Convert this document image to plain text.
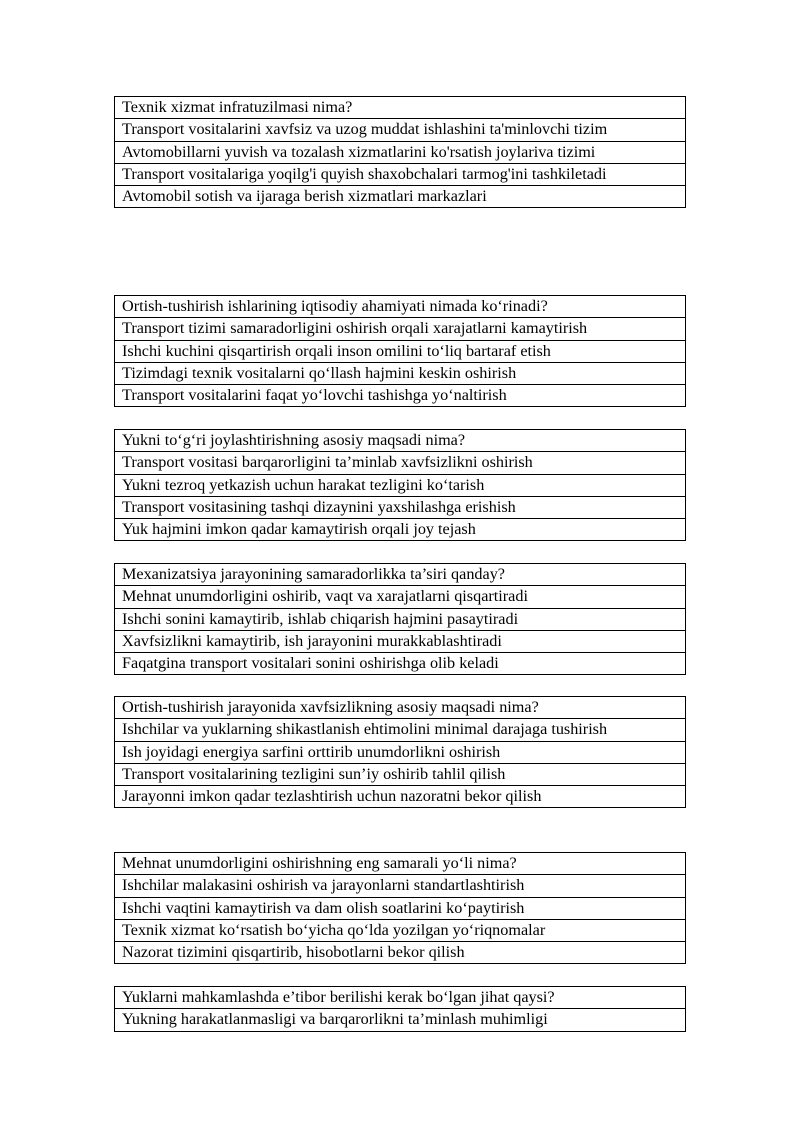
Texnik xizmat infratuzilmasi nima?
Transport vositalarini xavfsiz va uzog muddat ishlashini ta'minlovchi tizim
Avtomobillarni yuvish va tozalash xizmatlarini ko'rsatish joylariva tizimi
Transport vositalariga yoqilg'i quyish shaxobchalari tarmog'ini tashkiletadi
Avtomobil sotish va ijaraga berish xizmatlari markazlari
Ortish-tushirish ishlarining iqtisodiy ahamiyati nimada ko‘rinadi?
Transport tizimi samaradorligini oshirish orqali xarajatlarni kamaytirish
Ishchi kuchini qisqartirish orqali inson omilini to‘liq bartaraf etish
Tizimdagi texnik vositalarni qo‘llash hajmini keskin oshirish
Transport vositalarini faqat yo‘lovchi tashishga yo‘naltirish
Yukni to‘g‘ri joylashtirishning asosiy maqsadi nima?
Transport vositasi barqarorligini ta’minlab xavfsizlikni oshirish
Yukni tezroq yetkazish uchun harakat tezligini ko‘tarish
Transport vositasining tashqi dizaynini yaxshilashga erishish
Yuk hajmini imkon qadar kamaytirish orqali joy tejash
Mexanizatsiya jarayonining samaradorlikka ta’siri qanday?
Mehnat unumdorligini oshirib, vaqt va xarajatlarni qisqartiradi
Ishchi sonini kamaytirib, ishlab chiqarish hajmini pasaytiradi
Xavfsizlikni kamaytirib, ish jarayonini murakkablashtiradi
Faqatgina transport vositalari sonini oshirishga olib keladi
Ortish-tushirish jarayonida xavfsizlikning asosiy maqsadi nima?
Ishchilar va yuklarning shikastlanish ehtimolini minimal darajaga tushirish
Ish joyidagi energiya sarfini orttirib unumdorlikni oshirish
Transport vositalarining tezligini sun’iy oshirib tahlil qilish
Jarayonni imkon qadar tezlashtirish uchun nazoratni bekor qilish
Mehnat unumdorligini oshirishning eng samarali yo‘li nima?
Ishchilar malakasini oshirish va jarayonlarni standartlashtirish
Ishchi vaqtini kamaytirish va dam olish soatlarini ko‘paytirish
Texnik xizmat ko‘rsatish bo‘yicha qo‘lda yozilgan yo‘riqnomalar
Nazorat tizimini qisqartirib, hisobotlarni bekor qilish
Yuklarni mahkamlashda e’tibor berilishi kerak bo‘lgan jihat qaysi?
Yukning harakatlanmasligi va barqarorlikni ta’minlash muhimligi
